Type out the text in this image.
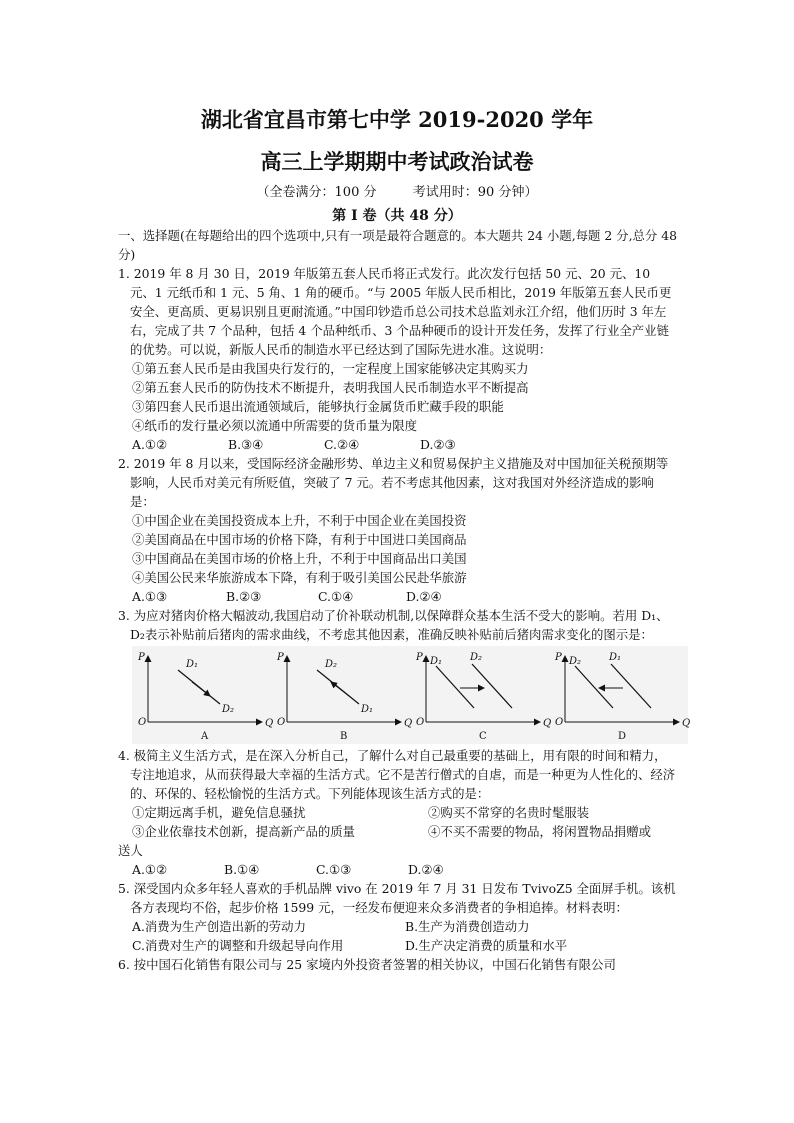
湖北省宜昌市第七中学 2019-2020 学年
高三上学期期中考试政治试卷
（全卷满分：100 分	考试用时：90 分钟）
第 I 卷（共 48 分）

一、选择题(在每题给出的四个选项中,只有一项是最符合题意的。本大题共 24 小题,每题 2 分,总分 48 分)

1. 2019 年 8 月 30 日，2019 年版第五套人民币将正式发行。此次发行包括 50 元、20 元、10 元、1 元纸币和 1 元、5 角、1 角的硬币。“与 2005 年版人民币相比，2019 年版第五套人民币更安全、更高质、更易识别且更耐流通。”中国印钞造币总公司技术总监刘永江介绍，他们历时 3 年左右，完成了共 7 个品种，包括 4 个品种纸币、3 个品种硬币的设计开发任务，发挥了行业全产业链的优势。可以说，新版人民币的制造水平已经达到了国际先进水准。这说明：

①第五套人民币是由我国央行发行的，一定程度上国家能够决定其购买力

②第五套人民币的防伪技术不断提升，表明我国人民币制造水平不断提高

③第四套人民币退出流通领域后，能够执行金属货币贮藏手段的职能

④纸币的发行量必须以流通中所需要的货币量为限度

A.①②	B.③④	C.②④	D.②③

2. 2019 年 8 月以来，受国际经济金融形势、单边主义和贸易保护主义措施及对中国加征关税预期等影响，人民币对美元有所贬值，突破了 7 元。若不考虑其他因素，这对我国对外经济造成的影响是：

①中国企业在美国投资成本上升，不利于中国企业在美国投资

②美国商品在中国市场的价格下降，有利于中国进口美国商品

③中国商品在美国市场的价格上升，不利于中国商品出口美国

④美国公民来华旅游成本下降，有利于吸引美国公民赴华旅游

A.①③	B.②③	C.①④	D.②④

3. 为应对猪肉价格大幅波动,我国启动了价补联动机制,以保障群众基本生活不受大的影响。若用 D₁、D₂表示补贴前后猪肉的需求曲线，不考虑其他因素，准确反映补贴前后猪肉需求变化的图示是：

P
Q
O
A
D₁
D₂
P
Q
O
B
D₂
D₁
P
Q
O
C
D₁	D₂	P
Q
O
D
D₂	D₁

4. 极简主义生活方式，是在深入分析自己，了解什么对自己最重要的基础上，用有限的时间和精力，专注地追求，从而获得最大幸福的生活方式。它不是苦行僧式的自虐，而是一种更为人性化的、经济的、环保的、轻松愉悦的生活方式。下列能体现该生活方式的是：

①定期远离手机，避免信息骚扰	②购买不常穿的名贵时髦服装
③企业依靠技术创新，提高新产品的质量	④不买不需要的物品，将闲置物品捐赠或

送人

A.①②	B.①④	C.①③	D.②④

5. 深受国内众多年轻人喜欢的手机品牌 vivo 在 2019 年 7 月 31 日发布 TvivoZ5 全面屏手机。该机各方表现均不俗，起步价格 1599 元，一经发布便迎来众多消费者的争相追捧。材料表明：

A.消费为生产创造出新的劳动力	B.生产为消费创造动力
C.消费对生产的调整和升级起导向作用	D.生产决定消费的质量和水平

6. 按中国石化销售有限公司与 25 家境内外投资者签署的相关协议，中国石化销售有限公司
